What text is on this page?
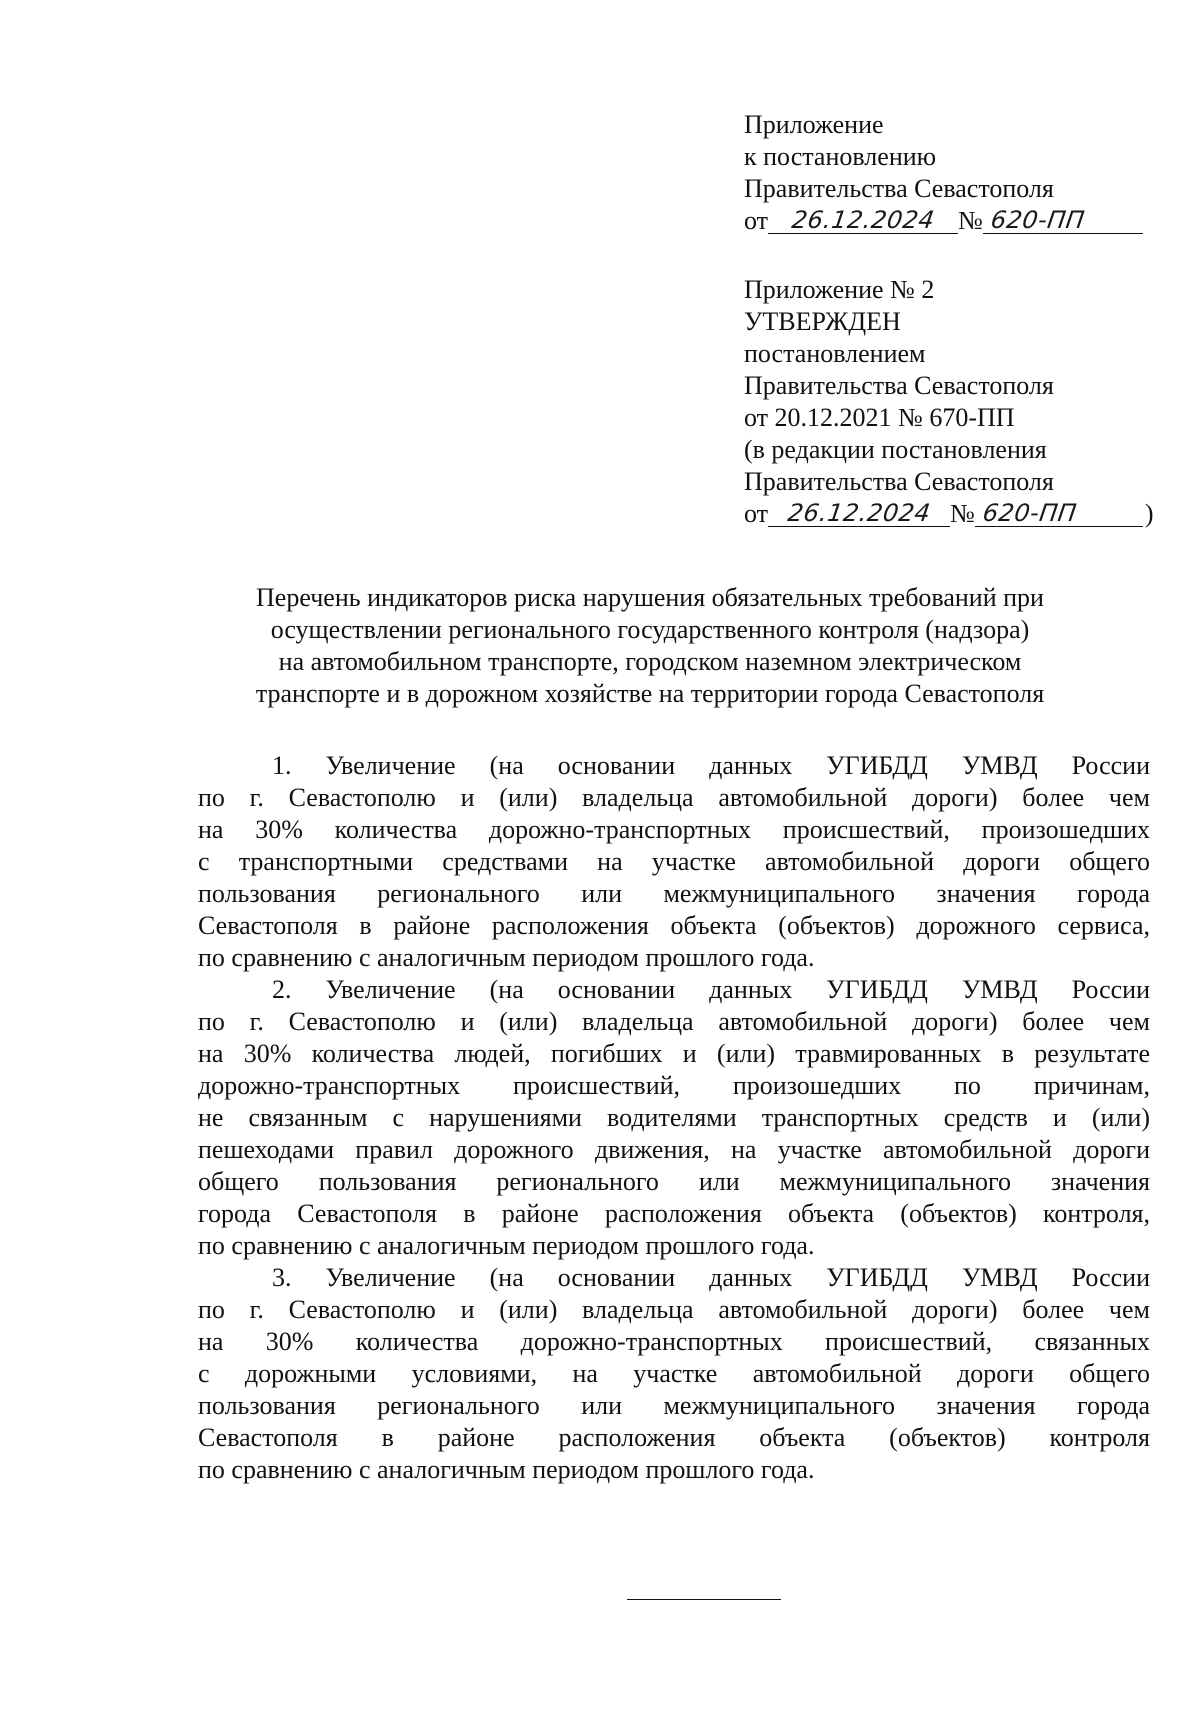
Приложение
к постановлению
Правительства Севастополя
от 26.12.2024 № 620-ПП
Приложение № 2
УТВЕРЖДЕН
постановлением
Правительства Севастополя
от 20.12.2021 № 670-ПП
(в редакции постановления
Правительства Севастополя
от 26.12.2024 № 620-ПП	)
Перечень индикаторов риска нарушения обязательных требований при
осуществлении регионального государственного контроля (надзора)
на автомобильном транспорте, городском наземном электрическом
транспорте и в дорожном хозяйстве на территории города Севастополя
1. Увеличение (на основании данных УГИБДД УМВД России
по г. Севастополю и (или) владельца автомобильной дороги) более чем
на 30% количества дорожно-транспортных происшествий, произошедших
с транспортными средствами на участке автомобильной дороги общего
пользования регионального или межмуниципального значения города
Севастополя в районе расположения объекта (объектов) дорожного сервиса,
по сравнению с аналогичным периодом прошлого года.
2. Увеличение (на основании данных УГИБДД УМВД России
по г. Севастополю и (или) владельца автомобильной дороги) более чем
на 30% количества людей, погибших и (или) травмированных в результате
дорожно-транспортных происшествий, произошедших по причинам,
не связанным с нарушениями водителями транспортных средств и (или)
пешеходами правил дорожного движения, на участке автомобильной дороги
общего пользования регионального или межмуниципального значения
города Севастополя в районе расположения объекта (объектов) контроля,
по сравнению с аналогичным периодом прошлого года.
3. Увеличение (на основании данных УГИБДД УМВД России
по г. Севастополю и (или) владельца автомобильной дороги) более чем
на 30% количества дорожно-транспортных происшествий, связанных
с дорожными условиями, на участке автомобильной дороги общего
пользования регионального или межмуниципального значения города
Севастополя в районе расположения объекта (объектов) контроля
по сравнению с аналогичным периодом прошлого года.
